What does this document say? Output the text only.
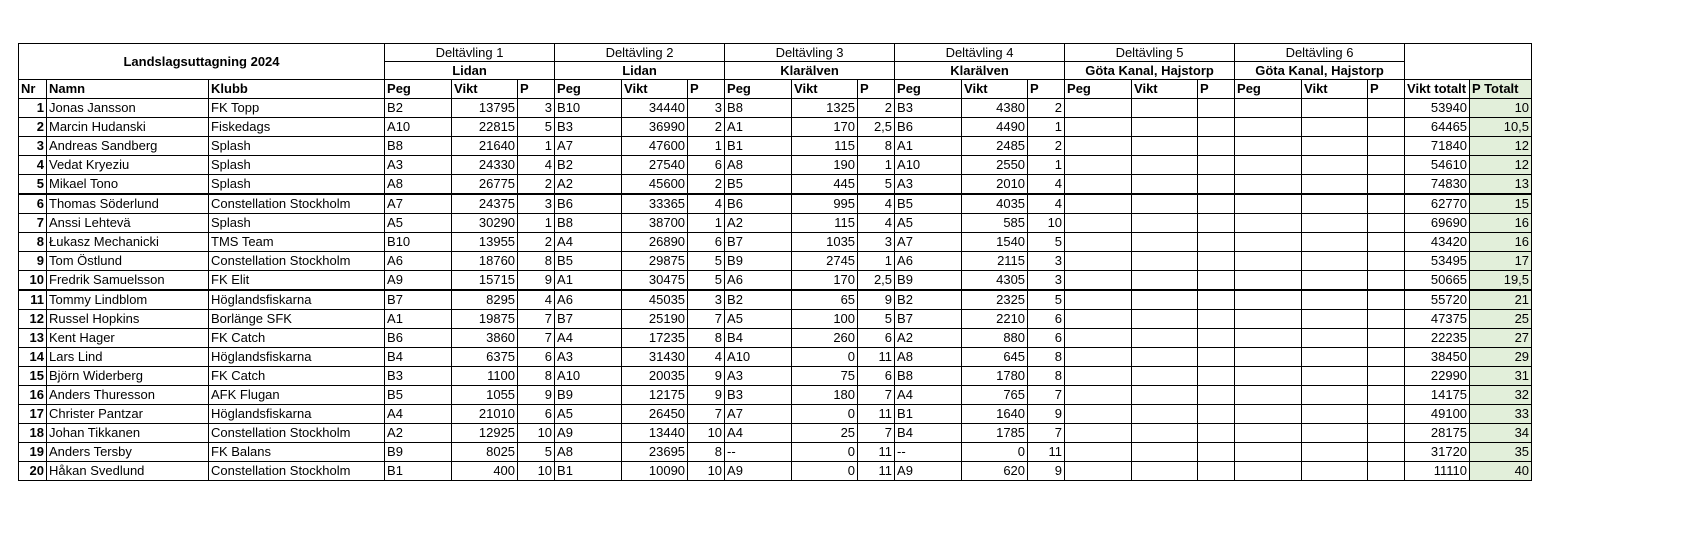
Landslagsuttagning 2024			Deltävling 1			Deltävling 2			Deltävling 3			Deltävling 4			Deltävling 5			Deltävling 6				
			Lidan			Lidan			Klarälven			Klarälven			Göta Kanal, Hajstorp			Göta Kanal, Hajstorp				
Nr	Namn	Klubb	Peg	Vikt	P	Peg	Vikt	P	Peg	Vikt	P	Peg	Vikt	P	Peg	Vikt	P	Peg	Vikt	P	Vikt totalt	P Totalt
1	Jonas Jansson	FK Topp	B2	13795	3	B10	34440	3	B8	1325	2	B3	4380	2							53940	10
2	Marcin Hudanski	Fiskedags	A10	22815	5	B3	36990	2	A1	170	2,5	B6	4490	1							64465	10,5
3	Andreas Sandberg	Splash	B8	21640	1	A7	47600	1	B1	115	8	A1	2485	2							71840	12
4	Vedat Kryeziu	Splash	A3	24330	4	B2	27540	6	A8	190	1	A10	2550	1							54610	12
5	Mikael Tono	Splash	A8	26775	2	A2	45600	2	B5	445	5	A3	2010	4							74830	13
6	Thomas Söderlund	Constellation Stockholm	A7	24375	3	B6	33365	4	B6	995	4	B5	4035	4							62770	15
7	Anssi Lehtevä	Splash	A5	30290	1	B8	38700	1	A2	115	4	A5	585	10							69690	16
8	Łukasz Mechanicki	TMS Team	B10	13955	2	A4	26890	6	B7	1035	3	A7	1540	5							43420	16
9	Tom Östlund	Constellation Stockholm	A6	18760	8	B5	29875	5	B9	2745	1	A6	2115	3							53495	17
10	Fredrik Samuelsson	FK Elit	A9	15715	9	A1	30475	5	A6	170	2,5	B9	4305	3							50665	19,5
11	Tommy Lindblom	Höglandsfiskarna	B7	8295	4	A6	45035	3	B2	65	9	B2	2325	5							55720	21
12	Russel Hopkins	Borlänge SFK	A1	19875	7	B7	25190	7	A5	100	5	B7	2210	6							47375	25
13	Kent Hager	FK Catch	B6	3860	7	A4	17235	8	B4	260	6	A2	880	6							22235	27
14	Lars Lind	Höglandsfiskarna	B4	6375	6	A3	31430	4	A10	0	11	A8	645	8							38450	29
15	Björn Widerberg	FK Catch	B3	1100	8	A10	20035	9	A3	75	6	B8	1780	8							22990	31
16	Anders Thuresson	AFK Flugan	B5	1055	9	B9	12175	9	B3	180	7	A4	765	7							14175	32
17	Christer Pantzar	Höglandsfiskarna	A4	21010	6	A5	26450	7	A7	0	11	B1	1640	9							49100	33
18	Johan Tikkanen	Constellation Stockholm	A2	12925	10	A9	13440	10	A4	25	7	B4	1785	7							28175	34
19	Anders Tersby	FK Balans	B9	8025	5	A8	23695	8	--	0	11	--	0	11							31720	35
20	Håkan Svedlund	Constellation Stockholm	B1	400	10	B1	10090	10	A9	0	11	A9	620	9							11110	40
